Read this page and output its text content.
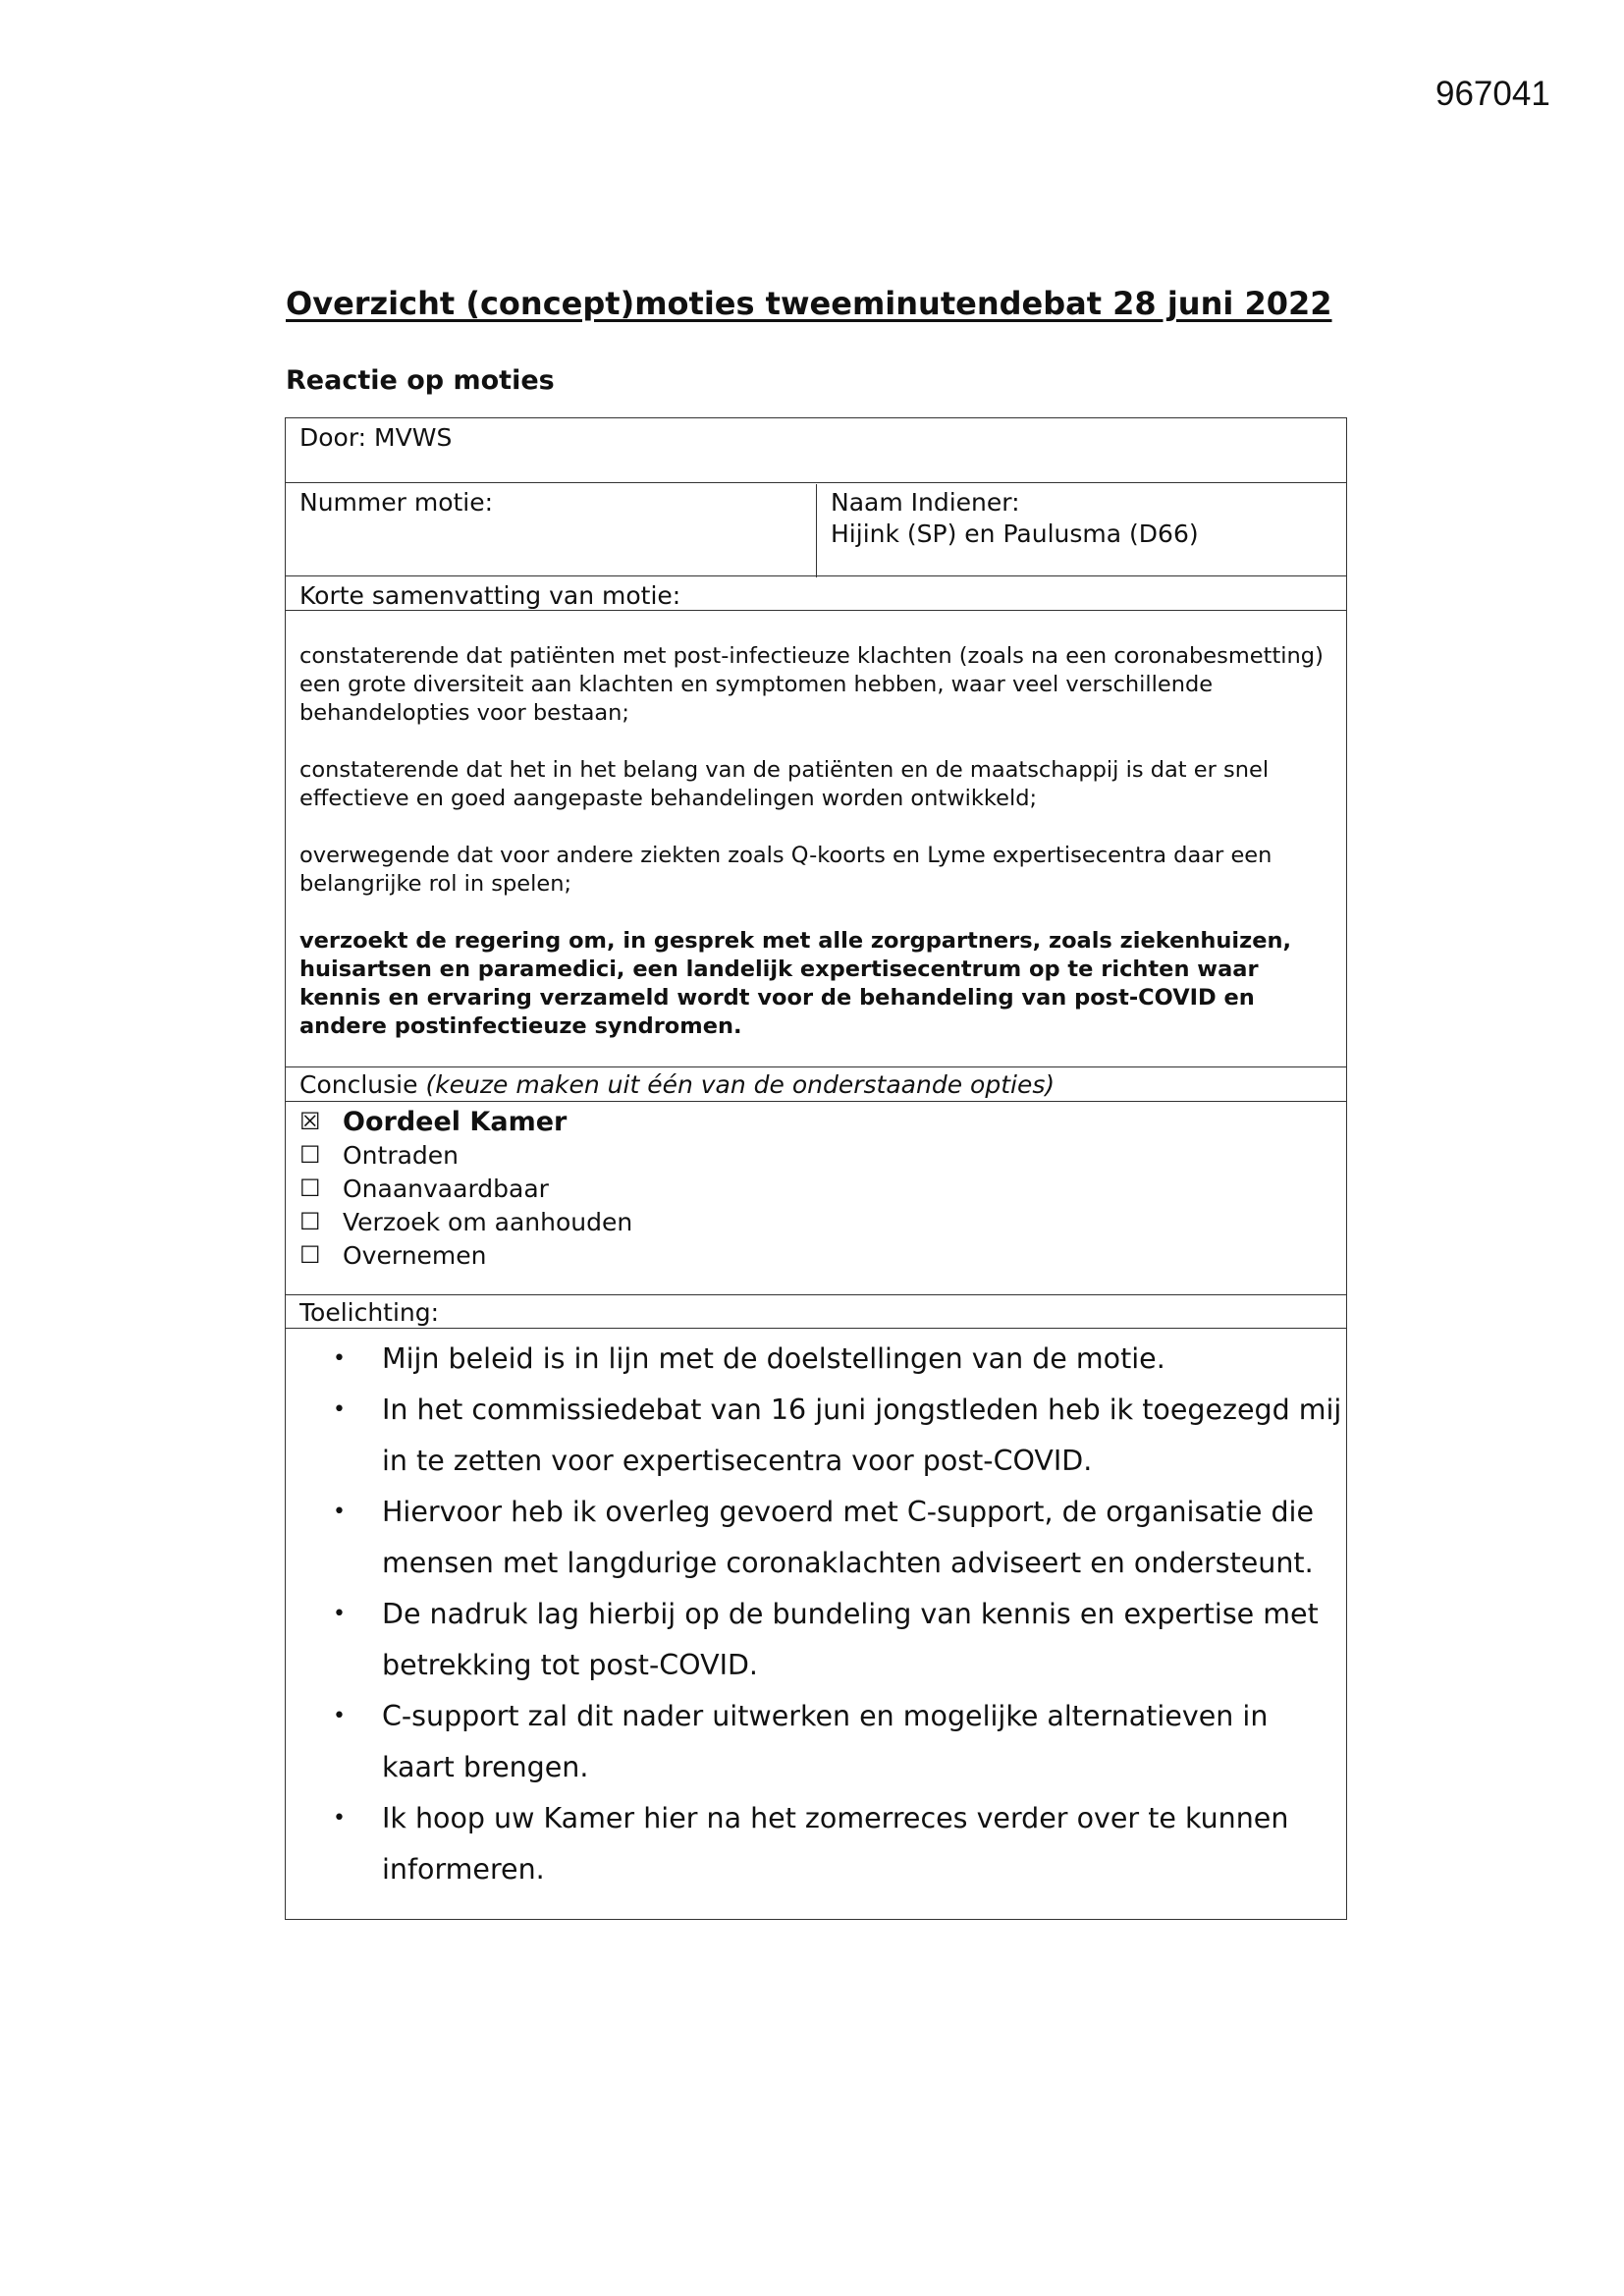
967041
Overzicht (concept)moties tweeminutendebat 28 juni 2022
Reactie op moties
Door: MVWS
Nummer motie:	Naam Indiener:
Hijink (SP) en Paulusma (D66)
Korte samenvatting van motie:

constaterende dat patiënten met post-infectieuze klachten (zoals na een coronabesmetting) een grote diversiteit aan klachten en symptomen hebben, waar veel verschillende behandelopties voor bestaan;

constaterende dat het in het belang van de patiënten en de maatschappij is dat er snel effectieve en goed aangepaste behandelingen worden ontwikkeld;

overwegende dat voor andere ziekten zoals Q-koorts en Lyme expertisecentra daar een belangrijke rol in spelen;

verzoekt de regering om, in gesprek met alle zorgpartners, zoals ziekenhuizen, huisartsen en paramedici, een landelijk expertisecentrum op te richten waar kennis en ervaring verzameld wordt voor de behandeling van post-COVID en andere postinfectieuze syndromen.

Conclusie (keuze maken uit één van de onderstaande opties)
☒ Oordeel Kamer
☐ Ontraden
☐ Onaanvaardbaar
☐ Verzoek om aanhouden
☐ Overnemen
Toelichting:
• Mijn beleid is in lijn met de doelstellingen van de motie.
• In het commissiedebat van 16 juni jongstleden heb ik toegezegd mij in te zetten voor expertisecentra voor post-COVID.
• Hiervoor heb ik overleg gevoerd met C-support, de organisatie die mensen met langdurige coronaklachten adviseert en ondersteunt.
• De nadruk lag hierbij op de bundeling van kennis en expertise met betrekking tot post-COVID.
• C-support zal dit nader uitwerken en mogelijke alternatieven in kaart brengen.
• Ik hoop uw Kamer hier na het zomerreces verder over te kunnen informeren.
